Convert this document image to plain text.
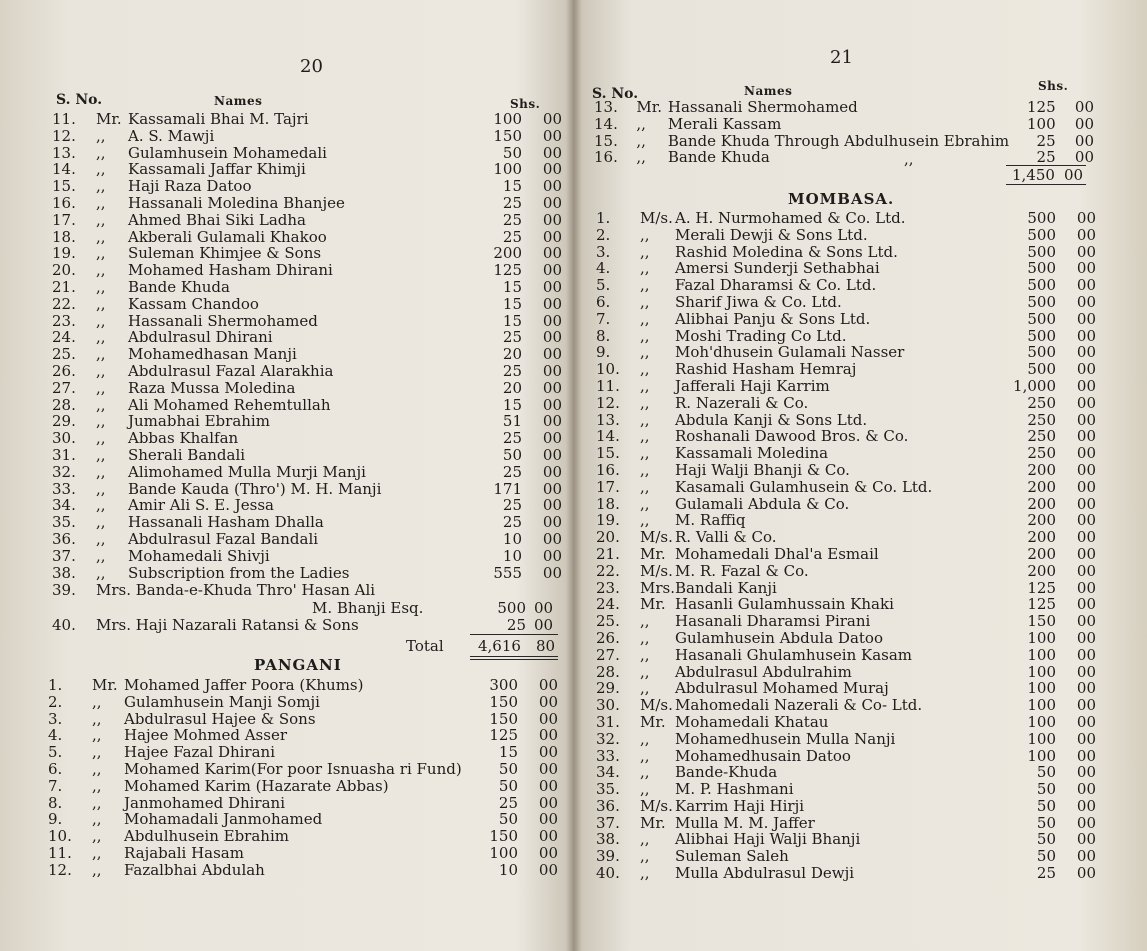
20
S. No.	Names	Shs.
11.	Mr.	Kassamali Bhai M. Tajri	100	00
12.	,,	A. S. Mawji	150	00
13.	,,	Gulamhusein Mohamedali	50	00
14.	,,	Kassamali Jaffar Khimji	100	00
15.	,,	Haji Raza Datoo	15	00
16.	,,	Hassanali Moledina Bhanjee	25	00
17.	,,	Ahmed Bhai Siki Ladha	25	00
18.	,,	Akberali Gulamali Khakoo	25	00
19.	,,	Suleman Khimjee & Sons	200	00
20.	,,	Mohamed Hasham Dhirani	125	00
21.	,,	Bande Khuda	15	00
22.	,,	Kassam Chandoo	15	00
23.	,,	Hassanali Shermohamed	15	00
24.	,,	Abdulrasul Dhirani	25	00
25.	,,	Mohamedhasan Manji	20	00
26.	,,	Abdulrasul Fazal Alarakhia	25	00
27.	,,	Raza Mussa Moledina	20	00
28.	,,	Ali Mohamed Rehemtullah	15	00
29.	,,	Jumabhai Ebrahim	51	00
30.	,,	Abbas Khalfan	25	00
31.	,,	Sherali Bandali	50	00
32.	,,	Alimohamed Mulla Murji Manji	25	00
33.	,,	Bande Kauda (Thro') M. H. Manji	171	00
34.	,,	Amir Ali S. E. Jessa	25	00
35.	,,	Hassanali Hasham Dhalla	25	00
36.	,,	Abdulrasul Fazal Bandali	10	00
37.	,,	Mohamedali Shivji	10	00
38.	,,	Subscription from the Ladies	555	00
39. Mrs. Banda-e-Khuda Thro' Hasan Ali
M. Bhanji Esq.	500 00
40. Mrs. Haji Nazarali Ratansi & Sons	25 00
Total 4,616 80
PANGANI
1.	Mr.	Mohamed Jaffer Poora (Khums)	300	00
2.	,,	Gulamhusein Manji Somji	150	00
3.	,,	Abdulrasul Hajee & Sons	150	00
4.	,,	Hajee Mohmed Asser	125	00
5.	,,	Hajee Fazal Dhirani	15	00
6.	,,	Mohamed Karim(For poor Isnuasha ri Fund)	50	00
7.	,,	Mohamed Karim (Hazarate Abbas)	50	00
8.	,,	Janmohamed Dhirani	25	00
9.	,,	Mohamadali Janmohamed	50	00
10.	,,	Abdulhusein Ebrahim	150	00
11.	,,	Rajabali Hasam	100	00
12.	,,	Fazalbhai Abdulah	10	00
21
S. No.	Names	Shs.
13.	Mr.	Hassanali Shermohamed	125	00
14.	,,	Merali Kassam	100	00
15.	,,	Bande Khuda Through Abdulhusein Ebrahim	25	00
16.	,,	Bande Khuda	25	00
,,
1,450 00
MOMBASA.
1.	M/s.	A. H. Nurmohamed & Co. Ltd.	500	00
2.	,,	Merali Dewji & Sons Ltd.	500	00
3.	,,	Rashid Moledina & Sons Ltd.	500	00
4.	,,	Amersi Sunderji Sethabhai	500	00
5.	,,	Fazal Dharamsi & Co. Ltd.	500	00
6.	,,	Sharif Jiwa & Co. Ltd.	500	00
7.	,,	Alibhai Panju & Sons Ltd.	500	00
8.	,,	Moshi Trading Co Ltd.	500	00
9.	,,	Moh'dhusein Gulamali Nasser	500	00
10.	,,	Rashid Hasham Hemraj	500	00
11.	,,	Jafferali Haji Karrim	1,000	00
12.	,,	R. Nazerali & Co.	250	00
13.	,,	Abdula Kanji & Sons Ltd.	250	00
14.	,,	Roshanali Dawood Bros. & Co.	250	00
15.	,,	Kassamali Moledina	250	00
16.	,,	Haji Walji Bhanji & Co.	200	00
17.	,,	Kasamali Gulamhusein & Co. Ltd.	200	00
18.	,,	Gulamali Abdula & Co.	200	00
19.	,,	M. Raffiq	200	00
20.	M/s.	R. Valli & Co.	200	00
21.	Mr.	Mohamedali Dhal'a Esmail	200	00
22.	M/s.	M. R. Fazal & Co.	200	00
23.	Mrs.	Bandali Kanji	125	00
24.	Mr.	Hasanli Gulamhussain Khaki	125	00
25.	,,	Hasanali Dharamsi Pirani	150	00
26.	,,	Gulamhusein Abdula Datoo	100	00
27.	,,	Hasanali Ghulamhusein Kasam	100	00
28.	,,	Abdulrasul Abdulrahim	100	00
29.	,,	Abdulrasul Mohamed Muraj	100	00
30.	M/s.	Mahomedali Nazerali & Co- Ltd.	100	00
31.	Mr.	Mohamedali Khatau	100	00
32.	,,	Mohamedhusein Mulla Nanji	100	00
33.	,,	Mohamedhusain Datoo	100	00
34.	,,	Bande-Khuda	50	00
35.	,,	M. P. Hashmani	50	00
36.	M/s.	Karrim Haji Hirji	50	00
37.	Mr.	Mulla M. M. Jaffer	50	00
38.	,,	Alibhai Haji Walji Bhanji	50	00
39.	,,	Suleman Saleh	50	00
40.	,,	Mulla Abdulrasul Dewji	25	00
